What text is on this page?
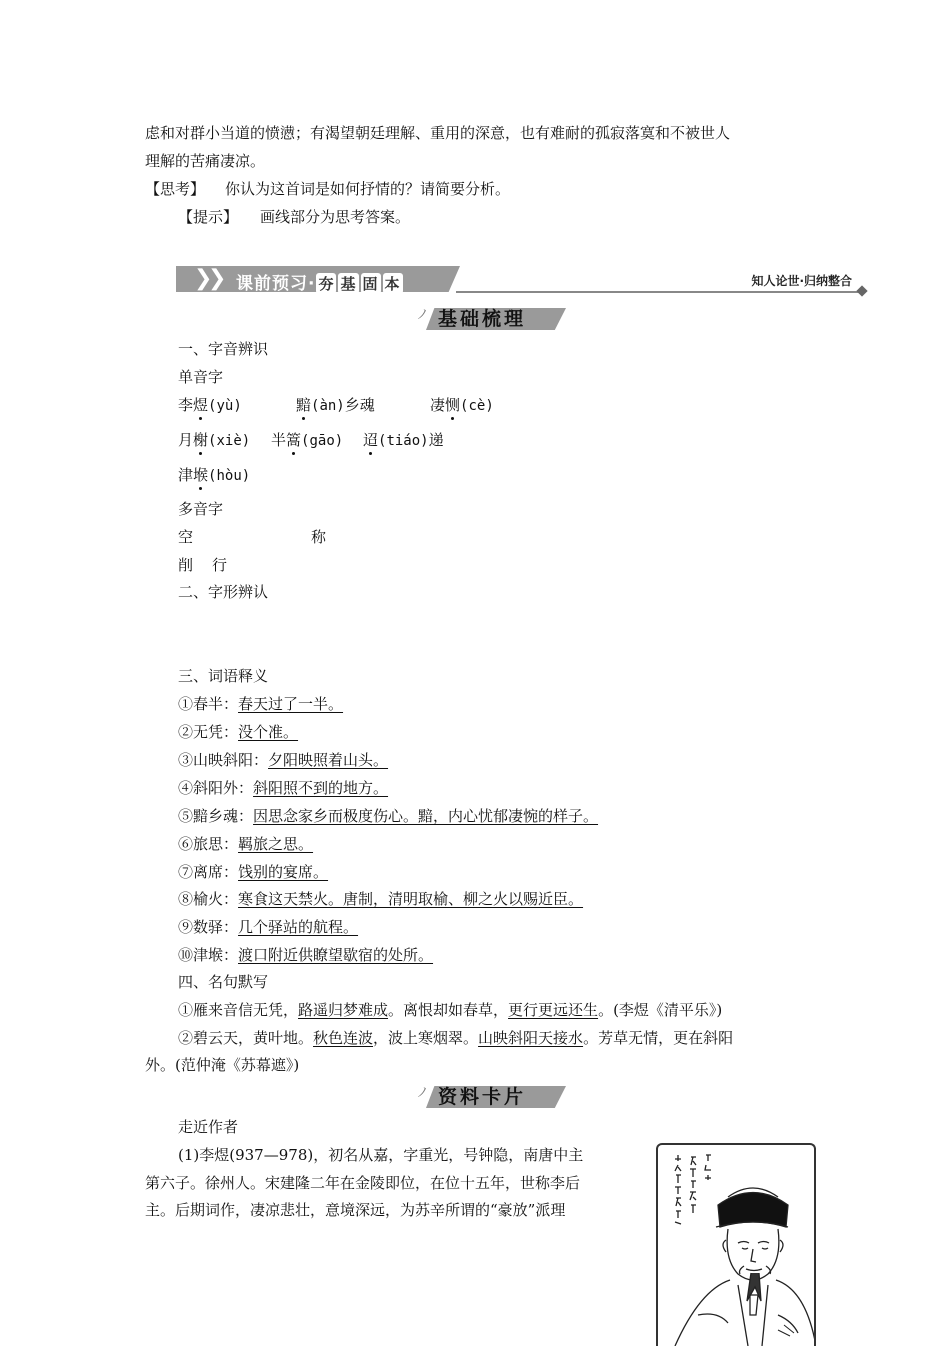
虑和对群小当道的愤懑；有渴望朝廷理解、重用的深意，也有难耐的孤寂落寞和不被世人
理解的苦痛凄凉。
【思考】 你认为这首词是如何抒情的？请简要分析。
【提示】 画线部分为思考答案。
❯
❯ 课前预习· 夯 基 固 本	知人论世·归纳整合
ノ 基础梳理
一、字音辨识
单音字
李煜(yù)	黯(àn)乡魂	凄恻(cè)
月榭(xiè) 半篙(gāo) 迢(tiáo)递
津堠(hòu)
多音字
空	称
削 行
二、字形辨认
三、词语释义
①春半：春天过了一半。
②无凭：没个准。
③山映斜阳：夕阳映照着山头。
④斜阳外：斜阳照不到的地方。
⑤黯乡魂：因思念家乡而极度伤心。黯，内心忧郁凄惋的样子。
⑥旅思：羁旅之思。
⑦离席：饯别的宴席。
⑧榆火：寒食这天禁火。唐制，清明取榆、柳之火以赐近臣。
⑨数驿：几个驿站的航程。
⑩津堠：渡口附近供瞭望歇宿的处所。
四、名句默写
①雁来音信无凭，路遥归梦难成。离恨却如春草，更行更远还生。(李煜《清平乐》)
②碧云天，黄叶地。秋色连波，波上寒烟翠。山映斜阳天接水。芳草无情，更在斜阳
外。(范仲淹《苏幕遮》)
ノ 资料卡片
走近作者
(1)李煜(937—978)，初名从嘉，字重光，号钟隐，南唐中主
第六子。徐州人。宋建隆二年在金陵即位，在位十五年，世称李后
主。后期词作，凄凉悲壮，意境深远，为苏辛所谓的“豪放”派理
